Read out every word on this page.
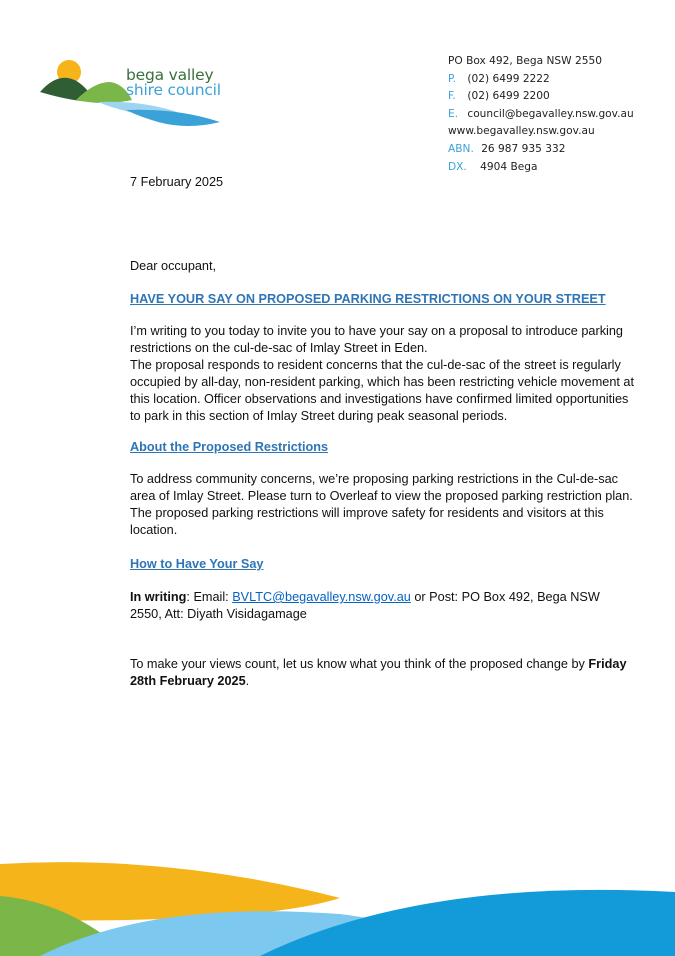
bega valley
shire council
PO Box 492, Bega NSW 2550
P. (02) 6499 2222
F. (02) 6499 2200
E. council@begavalley.nsw.gov.au
www.begavalley.nsw.gov.au
ABN. 26 987 935 332
DX. 4904 Bega
7 February 2025
Dear occupant,
HAVE YOUR SAY ON PROPOSED PARKING RESTRICTIONS ON YOUR STREET
I’m writing to you today to invite you to have your say on a proposal to introduce parking restrictions on the cul-de-sac of Imlay Street in Eden.
The proposal responds to resident concerns that the cul-de-sac of the street is regularly occupied by all-day, non-resident parking, which has been restricting vehicle movement at this location. Officer observations and investigations have confirmed limited opportunities to park in this section of Imlay Street during peak seasonal periods.
About the Proposed Restrictions
To address community concerns, we’re proposing parking restrictions in the Cul-de-sac area of Imlay Street. Please turn to Overleaf to view the proposed parking restriction plan. The proposed parking restrictions will improve safety for residents and visitors at this location.
How to Have Your Say
In writing: Email: BVLTC@begavalley.nsw.gov.au or Post: PO Box 492, Bega NSW 2550, Att: Diyath Visidagamage
To make your views count, let us know what you think of the proposed change by Friday 28th February 2025.
